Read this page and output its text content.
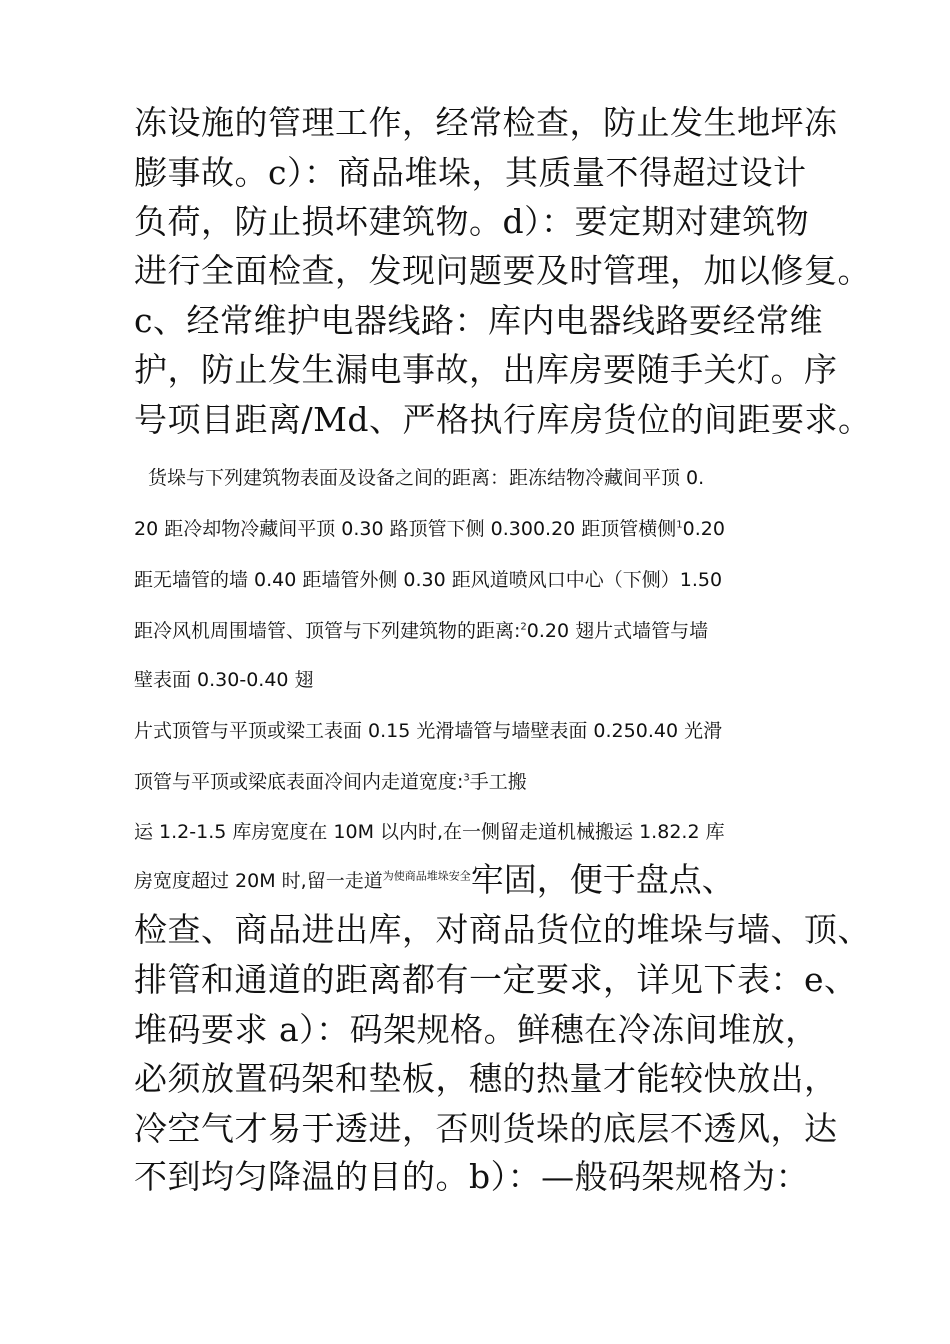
冻设施的管理工作，经常检查，防止发生地坪冻
膨事故。c）：商品堆垛，其质量不得超过设计
负荷，防止损坏建筑物。d）：要定期对建筑物
进行全面检查，发现问题要及时管理，加以修复。
c、经常维护电器线路：库内电器线路要经常维
护，防止发生漏电事故，出库房要随手关灯。序
号项目距离/Md、严格执行库房货位的间距要求。
货垛与下列建筑物表面及设备之间的距离：距冻结物冷藏间平顶 0.
20 距冷却物冷藏间平顶 0.30 路顶管下侧 0.300.20 距顶管横侧$^1$0.20
距无墙管的墙 0.40 距墙管外侧 0.30 距风道喷风口中心（下侧）1.50
距冷风机周围墙管、顶管与下列建筑物的距离:$^2$0.20 翅片式墙管与墙
壁表面 0.30-0.40 翅
片式顶管与平顶或梁工表面 0.15 光滑墙管与墙壁表面 0.250.40 光滑
顶管与平顶或梁底表面冷间内走道宽度:$^3$手工搬
运 1.2-1.5 库房宽度在 10M 以内时,在一侧留走道机械搬运 1.82.2 库
房宽度超过 20M 时,留一走道$^{为使商品堆垛安全}$牢固，便于盘点、
检查、商品进出库，对商品货位的堆垛与墙、顶、
排管和通道的距离都有一定要求，详见下表：e、
堆码要求 a）：码架规格。鲜穗在冷冻间堆放，
必须放置码架和垫板，穗的热量才能较快放出，
冷空气才易于透进，否则货垛的底层不透风，达
不到均匀降温的目的。b）：—般码架规格为：
